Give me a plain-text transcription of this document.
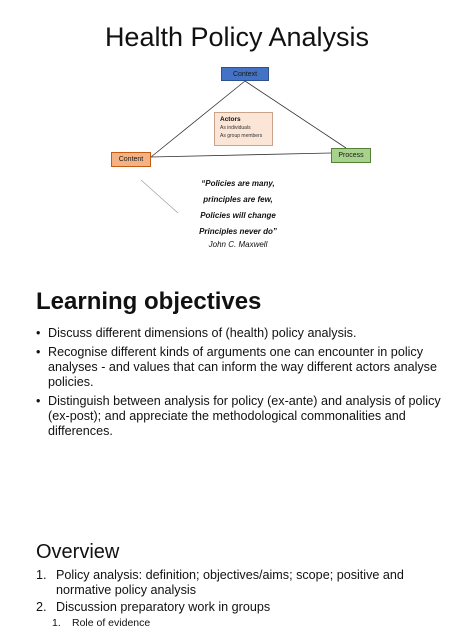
Health Policy Analysis
Context
Actors
As individuals
As group members
Content
Process
“Policies are many,
principles are few,
Policies will change
Principles never do”
John C. Maxwell
Learning objectives
• Discuss different dimensions of (health) policy analysis.
• Recognise different kinds of arguments one can encounter in policy analyses - and values that can inform the way different actors analyse policies.
• Distinguish between analysis for policy (ex-ante) and analysis of policy (ex-post); and appreciate the methodological commonalities and differences.
Overview
1. Policy analysis: definition; objectives/aims; scope; positive and normative policy analysis
2. Discussion preparatory work in groups
1. Role of evidence
